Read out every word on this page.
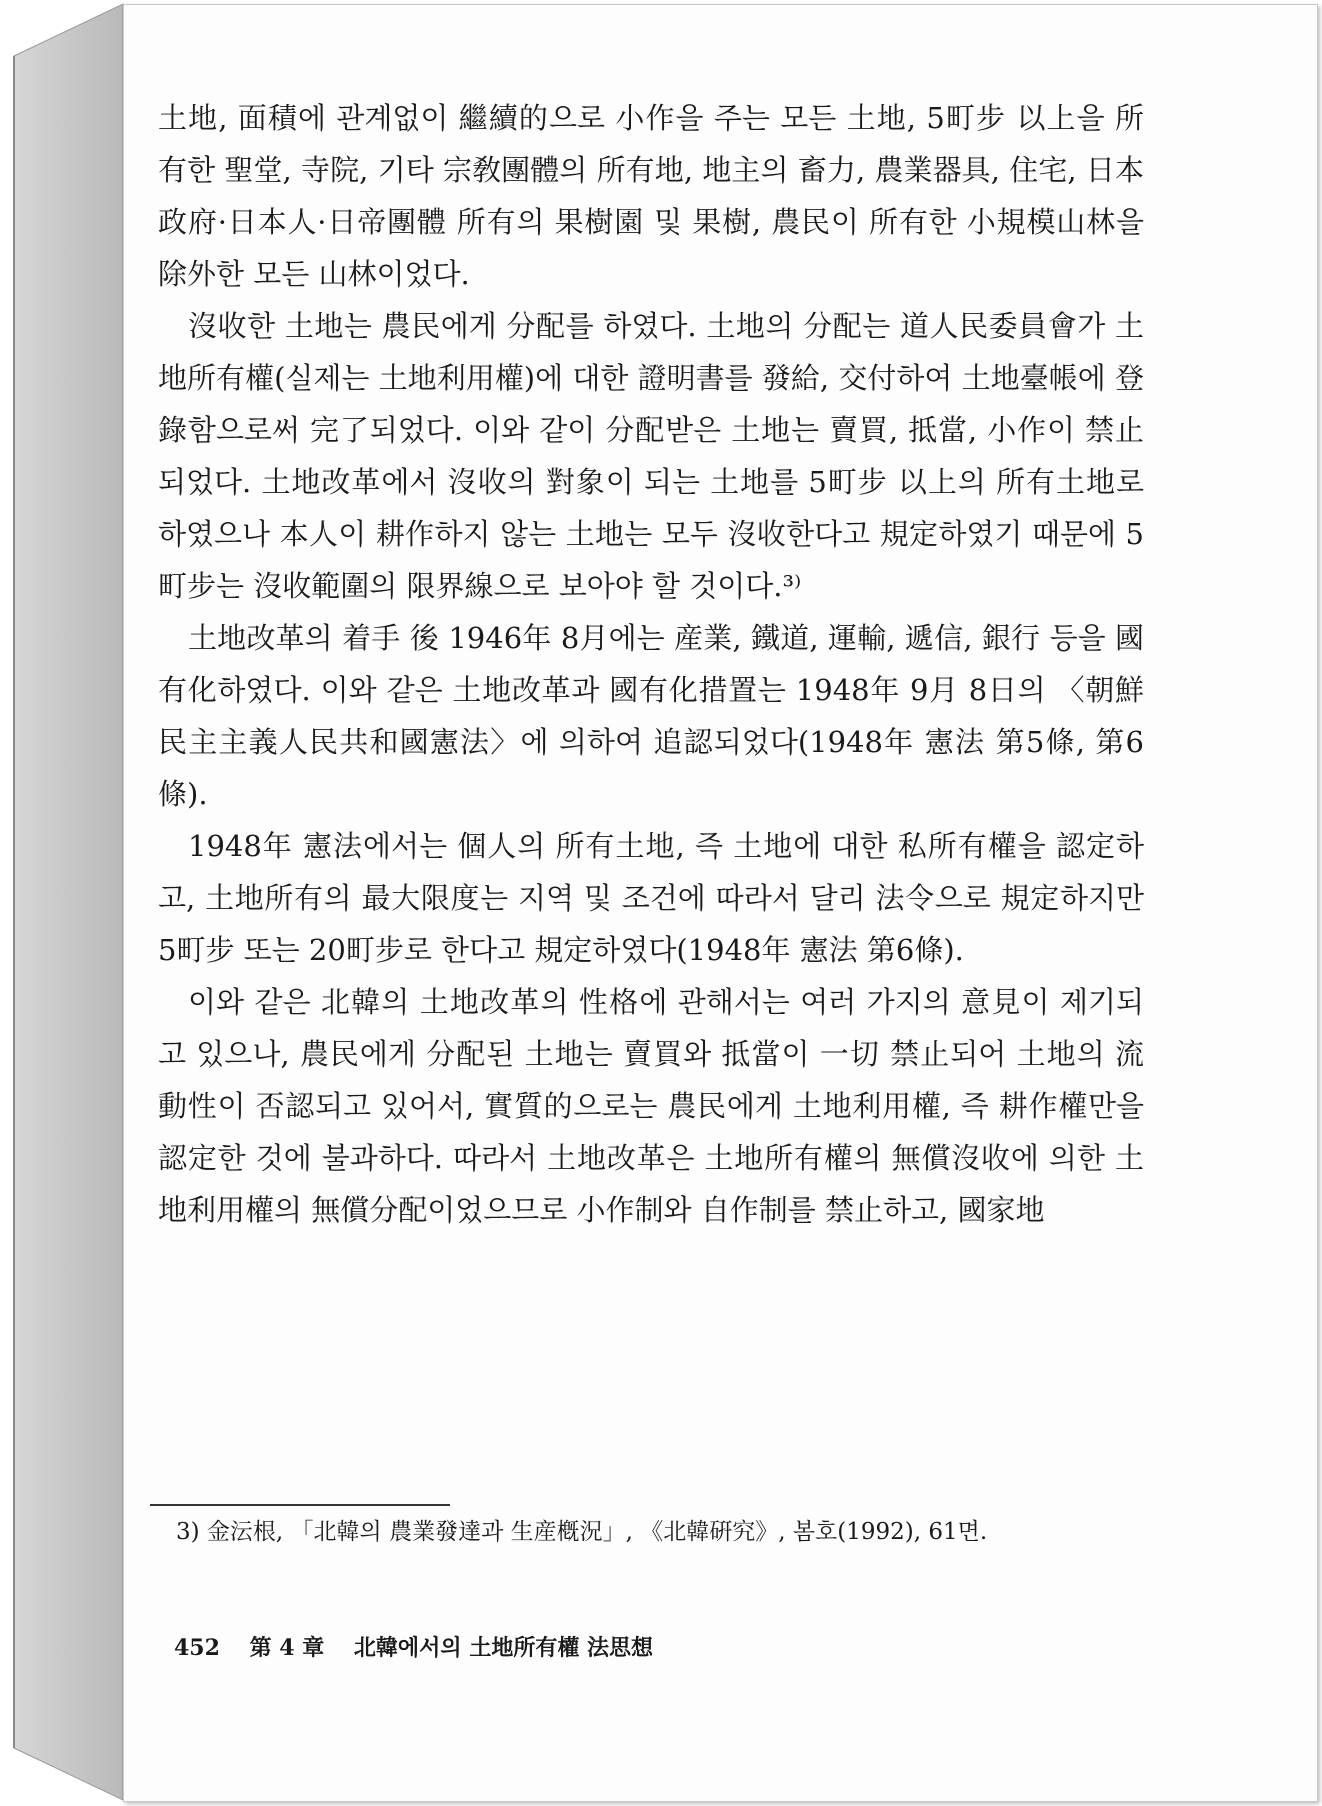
土地, 面積에 관계없이 繼續的으로 小作을 주는 모든 土地, 5町步 以上을 所有한 聖堂, 寺院, 기타 宗敎團體의 所有地, 地主의 畜力, 農業器具, 住宅, 日本政府·日本人·日帝團體 所有의 果樹園 및 果樹, 農民이 所有한 小規模山林을 除外한 모든 山林이었다.

沒收한 土地는 農民에게 分配를 하였다. 土地의 分配는 道人民委員會가 土地所有權(실제는 土地利用權)에 대한 證明書를 發給, 交付하여 土地臺帳에 登錄함으로써 完了되었다. 이와 같이 分配받은 土地는 賣買, 抵當, 小作이 禁止되었다. 土地改革에서 沒收의 對象이 되는 土地를 5町步 以上의 所有土地로 하였으나 本人이 耕作하지 않는 土地는 모두 沒收한다고 規定하였기 때문에 5町步는 沒收範圍의 限界線으로 보아야 할 것이다.³⁾

土地改革의 着手 後 1946年 8月에는 産業, 鐵道, 運輸, 遞信, 銀行 등을 國有化하였다. 이와 같은 土地改革과 國有化措置는 1948年 9月 8日의 〈朝鮮民主主義人民共和國憲法〉에 의하여 追認되었다(1948年 憲法 第5條, 第6條).

1948年 憲法에서는 個人의 所有土地, 즉 土地에 대한 私所有權을 認定하고, 土地所有의 最大限度는 지역 및 조건에 따라서 달리 法令으로 規定하지만 5町步 또는 20町步로 한다고 規定하였다(1948年 憲法 第6條).

이와 같은 北韓의 土地改革의 性格에 관해서는 여러 가지의 意見이 제기되고 있으나, 農民에게 分配된 土地는 賣買와 抵當이 一切 禁止되어 土地의 流動性이 否認되고 있어서, 實質的으로는 農民에게 土地利用權, 즉 耕作權만을 認定한 것에 불과하다. 따라서 土地改革은 土地所有權의 無償沒收에 의한 土地利用權의 無償分配이었으므로 小作制와 自作制를 禁止하고, 國家地

3) 金沄根, 「北韓의 農業發達과 生産槪況」, 《北韓硏究》, 봄호(1992), 61면.
452 第 4 章 北韓에서의 土地所有權 法思想
